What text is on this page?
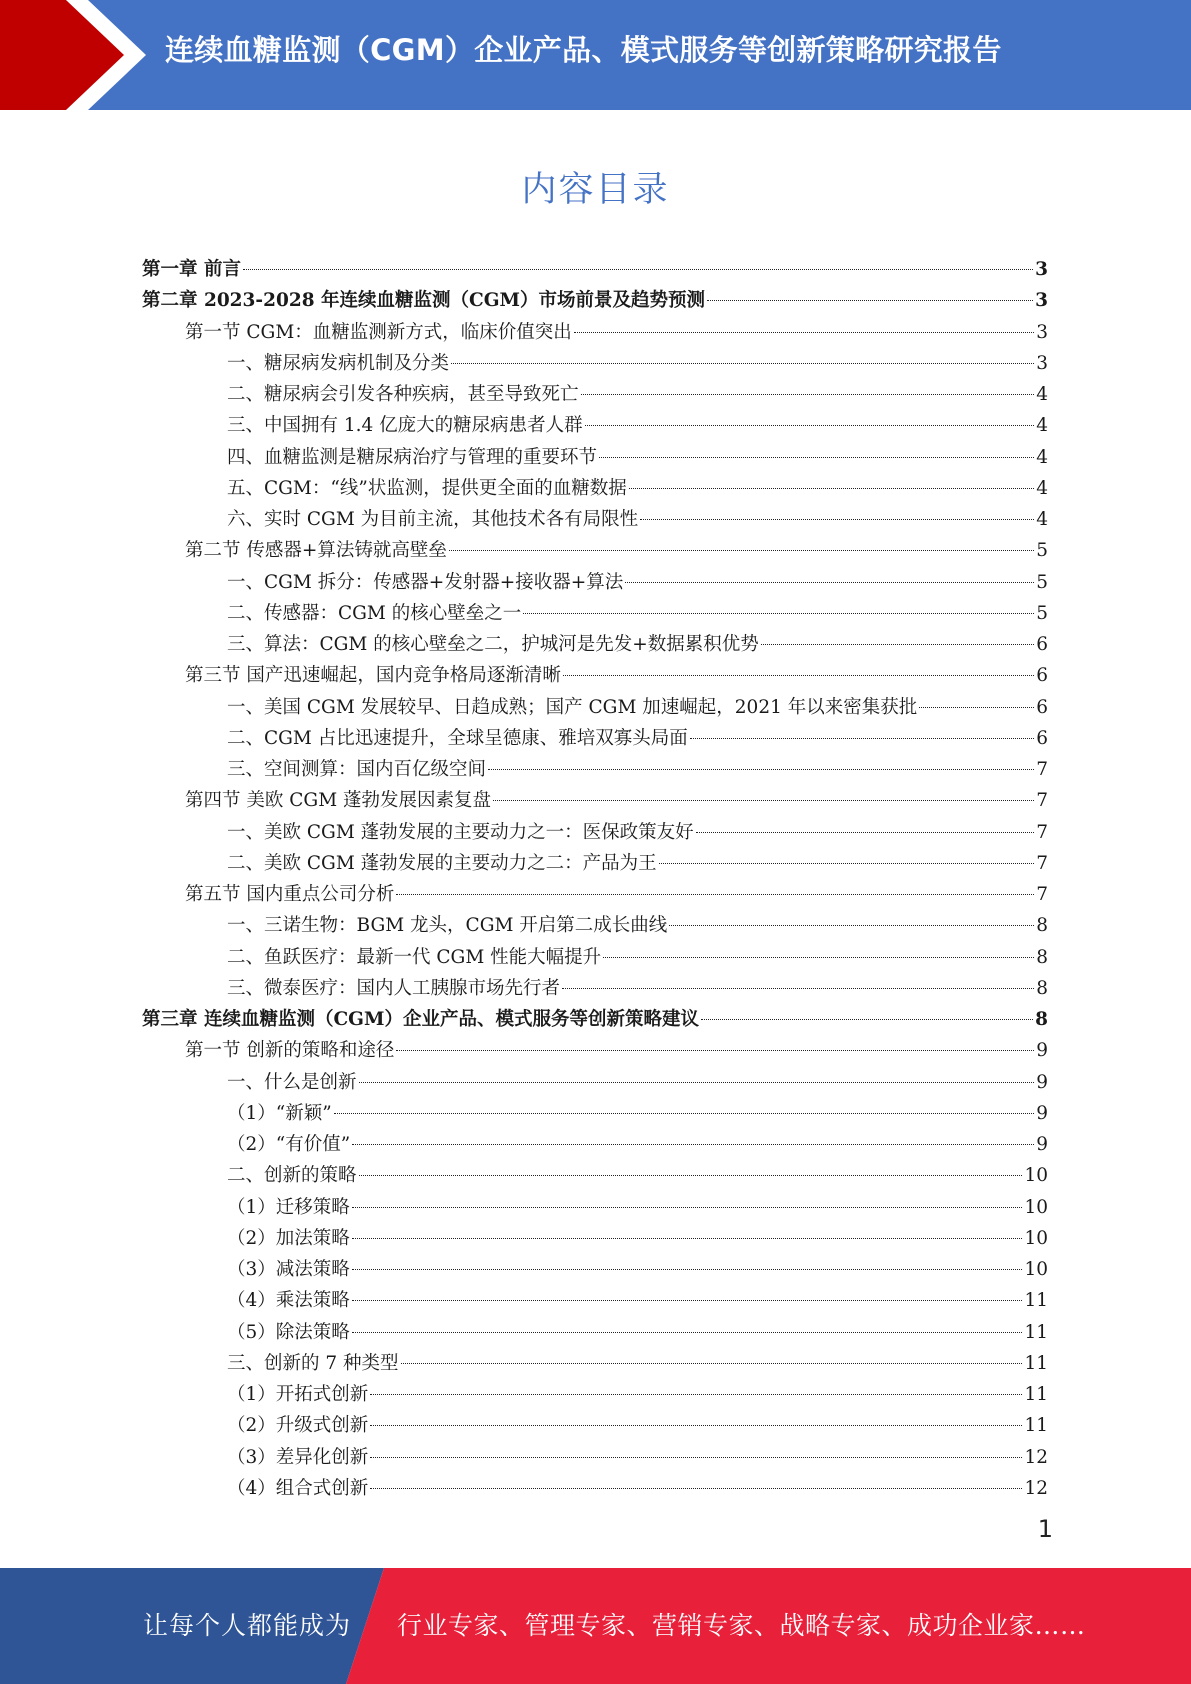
连续血糖监测（CGM）企业产品、模式服务等创新策略研究报告
内容目录
第一章 前言	3
第二章 2023-2028 年连续血糖监测（CGM）市场前景及趋势预测	3
第一节 CGM：血糖监测新方式，临床价值突出	3
一、糖尿病发病机制及分类	3
二、糖尿病会引发各种疾病，甚至导致死亡	4
三、中国拥有 1.4 亿庞大的糖尿病患者人群	4
四、血糖监测是糖尿病治疗与管理的重要环节	4
五、CGM：“线”状监测，提供更全面的血糖数据	4
六、实时 CGM 为目前主流，其他技术各有局限性	4
第二节 传感器+算法铸就高壁垒	5
一、CGM 拆分：传感器+发射器+接收器+算法	5
二、传感器：CGM 的核心壁垒之一	5
三、算法：CGM 的核心壁垒之二，护城河是先发+数据累积优势	6
第三节 国产迅速崛起，国内竞争格局逐渐清晰	6
一、美国 CGM 发展较早、日趋成熟；国产 CGM 加速崛起，2021 年以来密集获批	6
二、CGM 占比迅速提升，全球呈德康、雅培双寡头局面	6
三、空间测算：国内百亿级空间	7
第四节 美欧 CGM 蓬勃发展因素复盘	7
一、美欧 CGM 蓬勃发展的主要动力之一：医保政策友好	7
二、美欧 CGM 蓬勃发展的主要动力之二：产品为王	7
第五节 国内重点公司分析	7
一、三诺生物：BGM 龙头，CGM 开启第二成长曲线	8
二、鱼跃医疗：最新一代 CGM 性能大幅提升	8
三、微泰医疗：国内人工胰腺市场先行者	8
第三章 连续血糖监测（CGM）企业产品、模式服务等创新策略建议	8
第一节 创新的策略和途径	9
一、什么是创新	9
（1）“新颖”	9
（2）“有价值”	9
二、创新的策略	10
（1）迁移策略	10
（2）加法策略	10
（3）减法策略	10
（4）乘法策略	11
（5）除法策略	11
三、创新的 7 种类型	11
（1）开拓式创新	11
（2）升级式创新	11
（3）差异化创新	12
（4）组合式创新	12
1
让每个人都能成为 行业专家、管理专家、营销专家、战略专家、成功企业家……
